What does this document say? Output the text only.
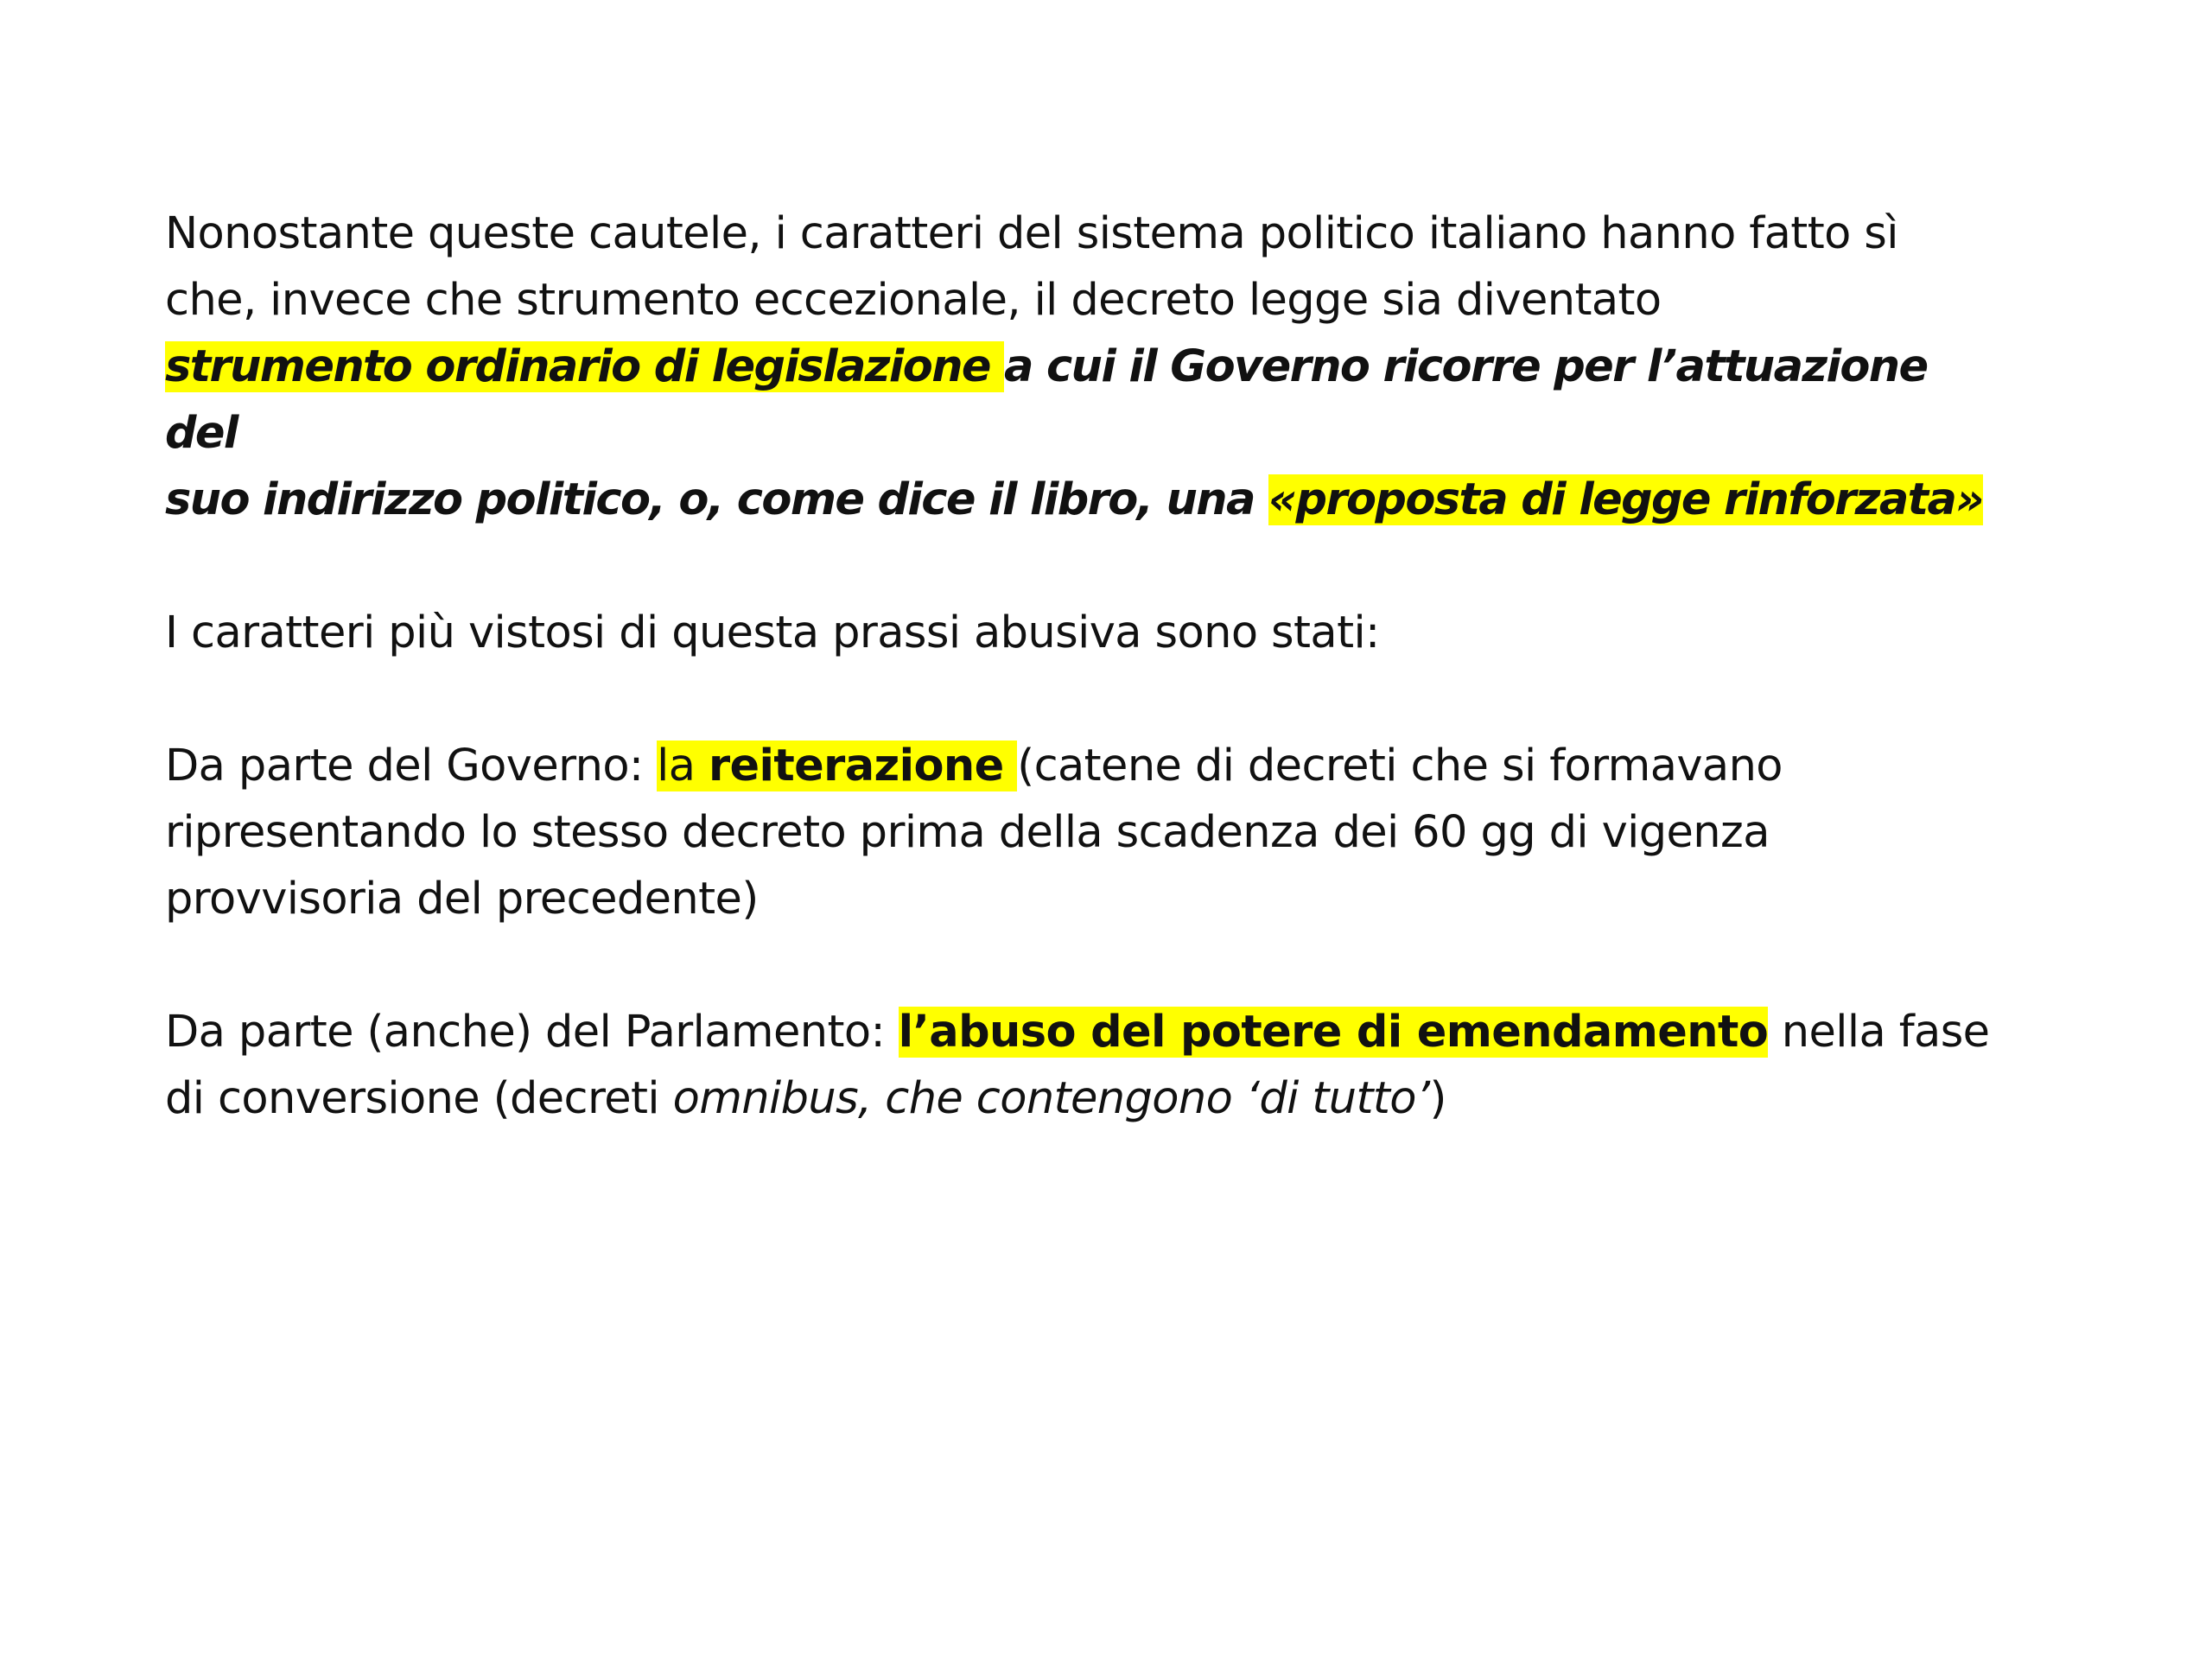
Nonostante queste cautele, i caratteri del sistema politico italiano hanno fatto sì
che, invece che strumento eccezionale, il decreto legge sia diventato
strumento ordinario di legislazione a cui il Governo ricorre per l’attuazione del
suo indirizzo politico, o, come dice il libro, una «proposta di legge rinforzata»

I caratteri più vistosi di questa prassi abusiva sono stati:

Da parte del Governo: la reiterazione (catene di decreti che si formavano
ripresentando lo stesso decreto prima della scadenza dei 60 gg di vigenza
provvisoria del precedente)

Da parte (anche) del Parlamento: l’abuso del potere di emendamento nella fase
di conversione (decreti omnibus, che contengono ‘di tutto’)
